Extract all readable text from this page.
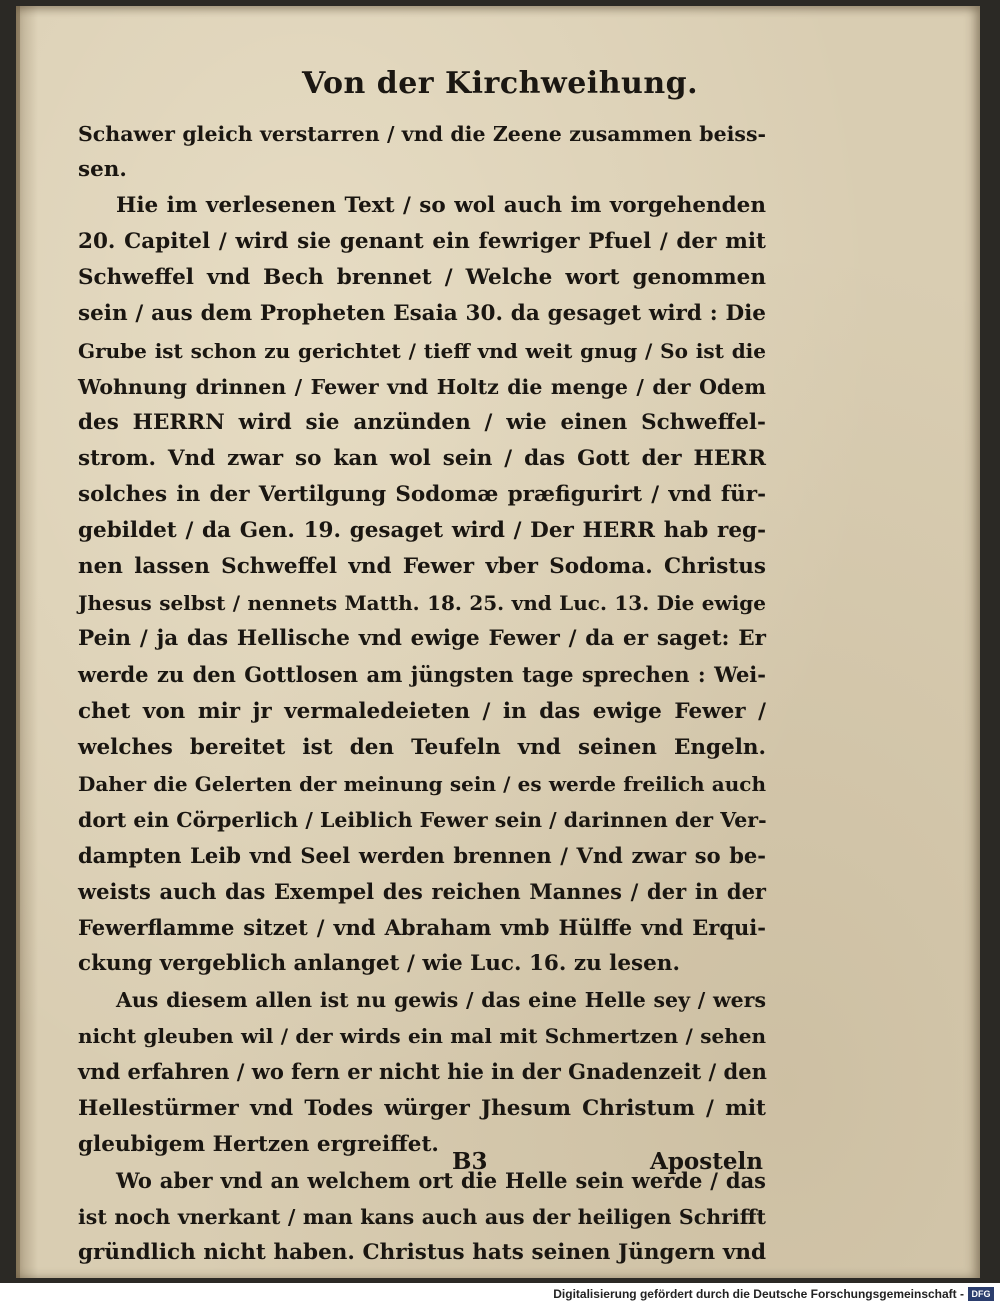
Von der Kirchweihung.
Schawer gleich verstarren / vnd die Zeene zusammen beiss-
sen.
Hie im verlesenen Text / so wol auch im vorgehenden
20. Capitel / wird sie genant ein fewriger Pfuel / der mit
Schweffel vnd Bech brennet / Welche wort genommen
sein / aus dem Propheten Esaia 30. da gesaget wird : Die
Grube ist schon zu gerichtet / tieff vnd weit gnug / So ist die
Wohnung drinnen / Fewer vnd Holtz die menge / der Odem
des HERRN wird sie anzünden / wie einen Schweffel-
strom. Vnd zwar so kan wol sein / das Gott der HERR
solches in der Vertilgung Sodomæ præfigurirt / vnd für-
gebildet / da Gen. 19. gesaget wird / Der HERR hab reg-
nen lassen Schweffel vnd Fewer vber Sodoma. Christus
Jhesus selbst / nennets Matth. 18. 25. vnd Luc. 13. Die ewige
Pein / ja das Hellische vnd ewige Fewer / da er saget: Er
werde zu den Gottlosen am jüngsten tage sprechen : Wei-
chet von mir jr vermaledeieten / in das ewige Fewer /
welches bereitet ist den Teufeln vnd seinen Engeln.
Daher die Gelerten der meinung sein / es werde freilich auch
dort ein Cörperlich / Leiblich Fewer sein / darinnen der Ver-
dampten Leib vnd Seel werden brennen / Vnd zwar so be-
weists auch das Exempel des reichen Mannes / der in der
Fewerflamme sitzet / vnd Abraham vmb Hülffe vnd Erqui-
ckung vergeblich anlanget / wie Luc. 16. zu lesen.
Aus diesem allen ist nu gewis / das eine Helle sey / wers
nicht gleuben wil / der wirds ein mal mit Schmertzen / sehen
vnd erfahren / wo fern er nicht hie in der Gnadenzeit / den
Hellestürmer vnd Todes würger Jhesum Christum / mit
gleubigem Hertzen ergreiffet.
Wo aber vnd an welchem ort die Helle sein werde / das
ist noch vnerkant / man kans auch aus der heiligen Schrifft
gründlich nicht haben. Christus hats seinen Jüngern vnd
B3	Aposteln
Digitalisierung gefördert durch die Deutsche Forschungsgemeinschaft - DFG
